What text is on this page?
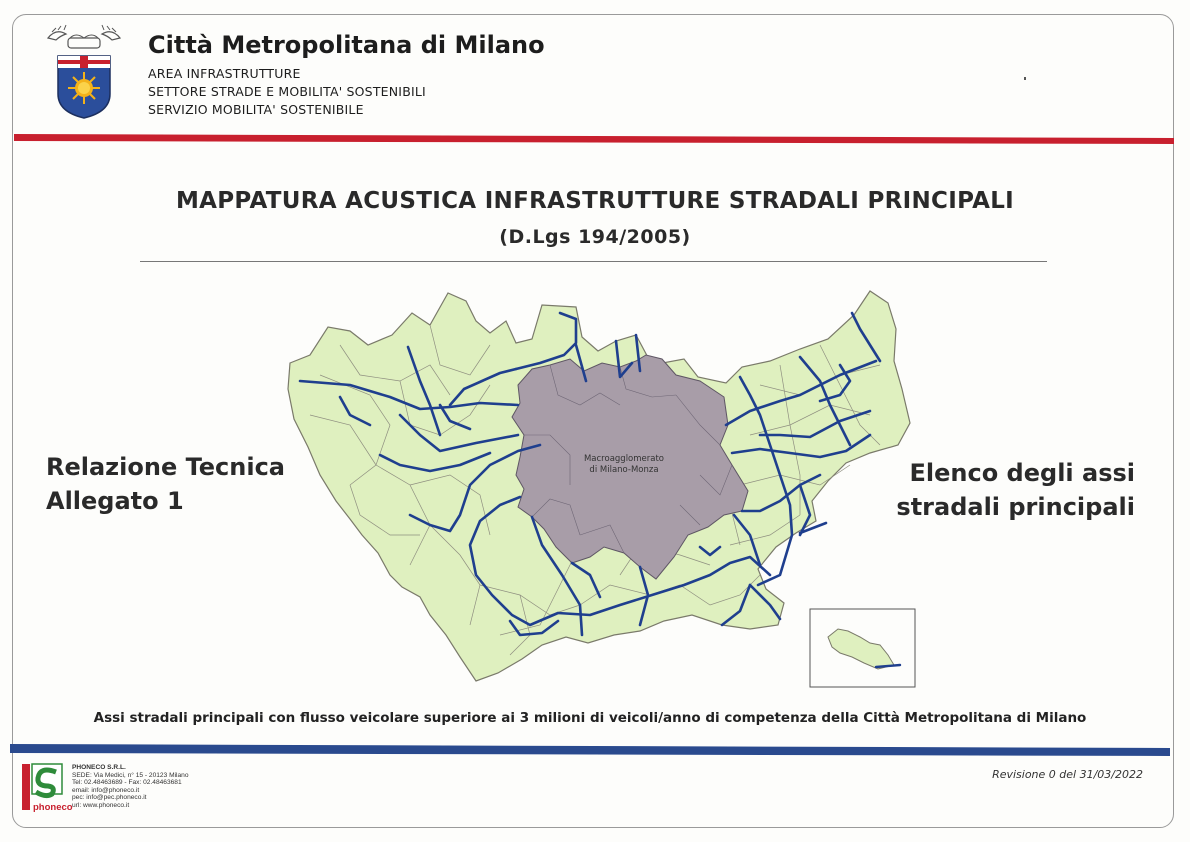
Città Metropolitana di Milano
AREA INFRASTRUTTURE
SETTORE STRADE E MOBILITA' SOSTENIBILI
SERVIZIO MOBILITA' SOSTENIBILE
MAPPATURA ACUSTICA INFRASTRUTTURE STRADALI PRINCIPALI
(D.Lgs 194/2005)
Relazione Tecnica
Allegato 1
Elenco degli assi
stradali principali
Macroagglomerato
di Milano-Monza
Assi stradali principali con flusso veicolare superiore ai 3 milioni di veicoli/anno di competenza della Città Metropolitana di Milano
phoneco
PHONECO S.R.L.
SEDE: Via Medici, n° 15 - 20123 Milano
Tel: 02.48463689 - Fax: 02.48463681
email: info@phoneco.it
pec: info@pec.phoneco.it
url: www.phoneco.it
Revisione 0 del 31/03/2022
